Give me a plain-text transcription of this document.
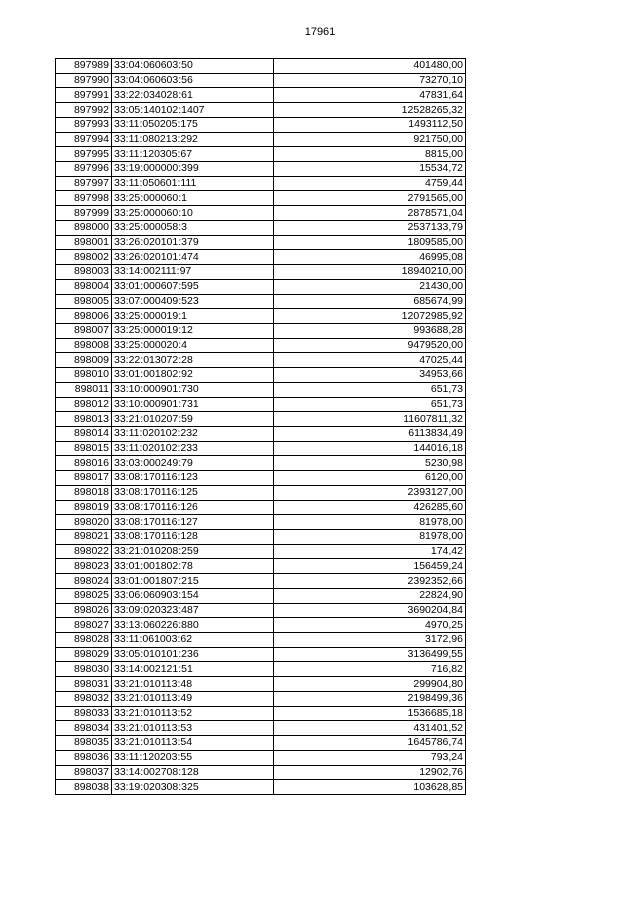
17961
897989	33:04:060603:50	401480,00
897990	33:04:060603:56	73270,10
897991	33:22:034028:61	47831,64
897992	33:05:140102:1407	12528265,32
897993	33:11:050205:175	1493112,50
897994	33:11:080213:292	921750,00
897995	33:11:120305:67	8815,00
897996	33:19:000000:399	15534,72
897997	33:11:050601:111	4759,44
897998	33:25:000060:1	2791565,00
897999	33:25:000060:10	2878571,04
898000	33:25:000058:3	2537133,79
898001	33:26:020101:379	1809585,00
898002	33:26:020101:474	46995,08
898003	33:14:002111:97	18940210,00
898004	33:01:000607:595	21430,00
898005	33:07:000409:523	685674,99
898006	33:25:000019:1	12072985,92
898007	33:25:000019:12	993688,28
898008	33:25:000020:4	9479520,00
898009	33:22:013072:28	47025,44
898010	33:01:001802:92	34953,66
898011	33:10:000901:730	651,73
898012	33:10:000901:731	651,73
898013	33:21:010207:59	11607811,32
898014	33:11:020102:232	6113834,49
898015	33:11:020102:233	144016,18
898016	33:03:000249:79	5230,98
898017	33:08:170116:123	6120,00
898018	33:08:170116:125	2393127,00
898019	33:08:170116:126	426285,60
898020	33:08:170116:127	81978,00
898021	33:08:170116:128	81978,00
898022	33:21:010208:259	174,42
898023	33:01:001802:78	156459,24
898024	33:01:001807:215	2392352,66
898025	33:06:060903:154	22824,90
898026	33:09:020323:487	3690204,84
898027	33:13:060226:880	4970,25
898028	33:11:061003:62	3172,96
898029	33:05:010101:236	3136499,55
898030	33:14:002121:51	716,82
898031	33:21:010113:48	299904,80
898032	33:21:010113:49	2198499,36
898033	33:21:010113:52	1536685,18
898034	33:21:010113:53	431401,52
898035	33:21:010113:54	1645786,74
898036	33:11:120203:55	793,24
898037	33:14:002708:128	12902,76
898038	33:19:020308:325	103628,85
